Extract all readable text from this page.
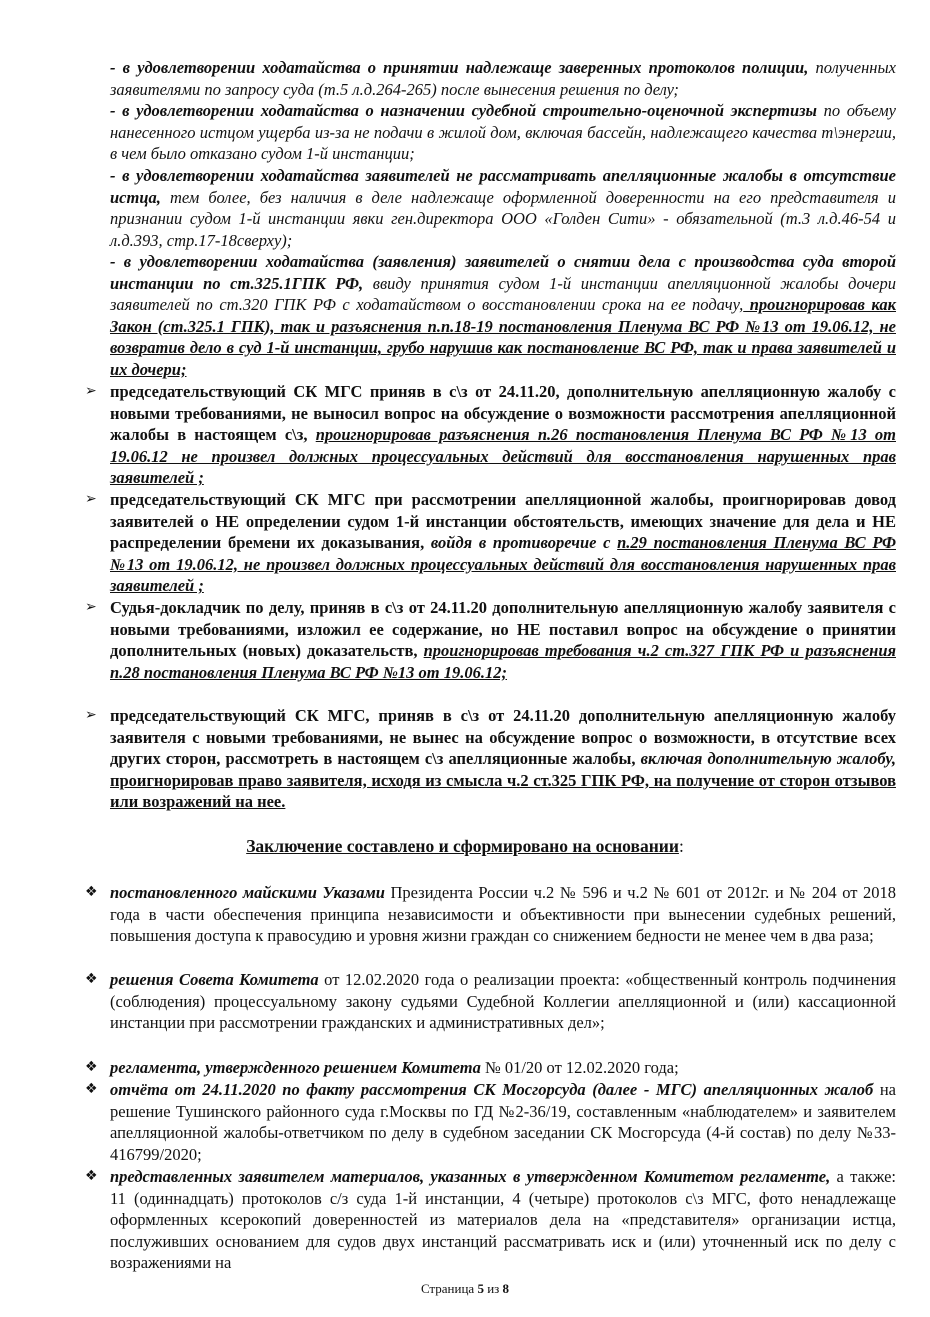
- в удовлетворении ходатайства о принятии надлежаще заверенных протоколов полиции, полученных заявителями по запросу суда (т.5 л.д.264-265) после вынесения решения по делу;

- в удовлетворении ходатайства о назначении судебной строительно-оценочной экспертизы по объему нанесенного истцом ущерба из-за не подачи в жилой дом, включая бассейн, надлежащего качества т\энергии, в чем было отказано судом 1-й инстанции;

- в удовлетворении ходатайства заявителей не рассматривать апелляционные жалобы в отсутствие истца, тем более, без наличия в деле надлежаще оформленной доверенности на его представителя и признании судом 1-й инстанции явки ген.директора ООО «Голден Сити» - обязательной (т.3 л.д.46-54 и л.д.393, стр.17-18сверху);

- в удовлетворении ходатайства (заявления) заявителей о снятии дела с производства суда второй инстанции по ст.325.1ГПК РФ, ввиду принятия судом 1-й инстанции апелляционной жалобы дочери заявителей по ст.320 ГПК РФ с ходатайством о восстановлении срока на ее подачу, проигнорировав как Закон (ст.325.1 ГПК), так и разъяснения п.п.18-19 постановления Пленума ВС РФ №13 от 19.06.12, не возвратив дело в суд 1-й инстанции, грубо нарушив как постановление ВС РФ, так и права заявителей и их дочери;

➢ председательствующий СК МГС приняв в с\з от 24.11.20, дополнительную апелляционную жалобу с новыми требованиями, не выносил вопрос на обсуждение о возможности рассмотрения апелляционной жалобы в настоящем с\з, проигнорировав разъяснения п.26 постановления Пленума ВС РФ №13 от 19.06.12 не произвел должных процессуальных действий для восстановления нарушенных прав заявителей ;

➢ председательствующий СК МГС при рассмотрении апелляционной жалобы, проигнорировав довод заявителей о НЕ определении судом 1-й инстанции обстоятельств, имеющих значение для дела и НЕ распределении бремени их доказывания, войдя в противоречие с п.29 постановления Пленума ВС РФ №13 от 19.06.12, не произвел должных процессуальных действий для восстановления нарушенных прав заявителей ;

➢ Судья-докладчик по делу, приняв в с\з от 24.11.20 дополнительную апелляционную жалобу заявителя с новыми требованиями, изложил ее содержание, но НЕ поставил вопрос на обсуждение о принятии дополнительных (новых) доказательств, проигнорировав требования ч.2 ст.327 ГПК РФ и разъяснения п.28 постановления Пленума ВС РФ №13 от 19.06.12;

➢ председательствующий СК МГС, приняв в с\з от 24.11.20 дополнительную апелляционную жалобу заявителя с новыми требованиями, не вынес на обсуждение вопрос о возможности, в отсутствие всех других сторон, рассмотреть в настоящем с\з апелляционные жалобы, включая дополнительную жалобу, проигнорировав право заявителя, исходя из смысла ч.2 ст.325 ГПК РФ, на получение от сторон отзывов или возражений на нее.

Заключение составлено и сформировано на основании:

❖ постановленного майскими Указами Президента России ч.2 № 596 и ч.2 № 601 от 2012г. и № 204 от 2018 года в части обеспечения принципа независимости и объективности при вынесении судебных решений, повышения доступа к правосудию и уровня жизни граждан со снижением бедности не менее чем в два раза;

❖ решения Совета Комитета от 12.02.2020 года о реализации проекта: «общественный контроль подчинения (соблюдения) процессуальному закону судьями Судебной Коллегии апелляционной и (или) кассационной инстанции при рассмотрении гражданских и административных дел»;

❖ регламента, утвержденного решением Комитета № 01/20 от 12.02.2020 года;

❖ отчёта от 24.11.2020 по факту рассмотрения СК Мосгорсуда (далее - МГС) апелляционных жалоб на решение Тушинского районного суда г.Москвы по ГД №2-36/19, составленным «наблюдателем» и заявителем апелляционной жалобы-ответчиком по делу в судебном заседании СК Мосгорсуда (4-й состав) по делу №33-416799/2020;

❖ представленных заявителем материалов, указанных в утвержденном Комитетом регламенте, а также: 11 (одиннадцать) протоколов с/з суда 1-й инстанции, 4 (четыре) протоколов с\з МГС, фото ненадлежаще оформленных ксерокопий доверенностей из материалов дела на «представителя» организации истца, послуживших основанием для судов двух инстанций рассматривать иск и (или) уточненный иск по делу с возражениями на

Страница 5 из 8
